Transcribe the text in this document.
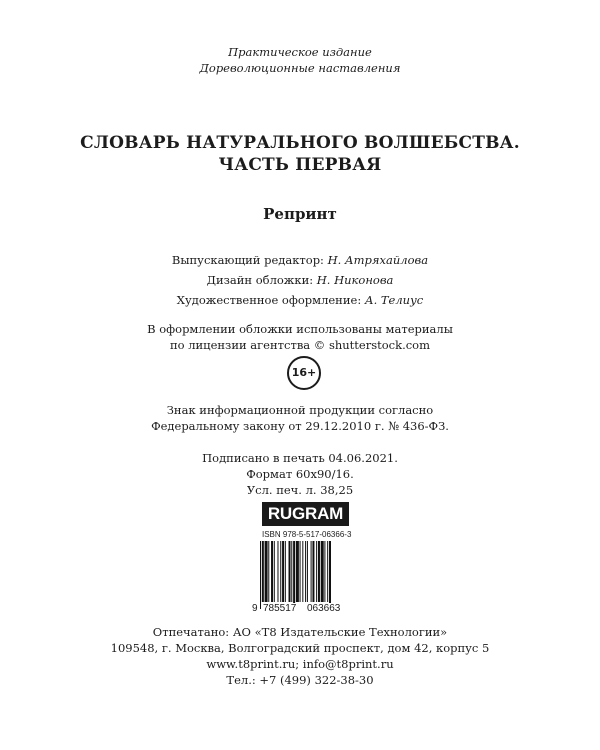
Практическое издание
Дореволюционные наставления
СЛОВАРЬ НАТУРАЛЬНОГО ВОЛШЕБСТВА.
ЧАСТЬ ПЕРВАЯ
Репринт
Выпускающий редактор: Н. Атряхайлова
Дизайн обложки: Н. Никонова
Художественное оформление: А. Телиус
В оформлении обложки использованы материалы
по лицензии агентства © shutterstock.com
16+
Знак информационной продукции согласно
Федеральному закону от 29.12.2010 г. № 436-ФЗ.
Подписано в печать 04.06.2021.
Формат 60x90/16.
Усл. печ. л. 38,25
RUGRAM
ISBN 978-5-517-06366-3
9 785517 063663
Отпечатано: АО «Т8 Издательские Технологии»
109548, г. Москва, Волгоградский проспект, дом 42, корпус 5
www.t8print.ru; info@t8print.ru
Тел.: +7 (499) 322-38-30
